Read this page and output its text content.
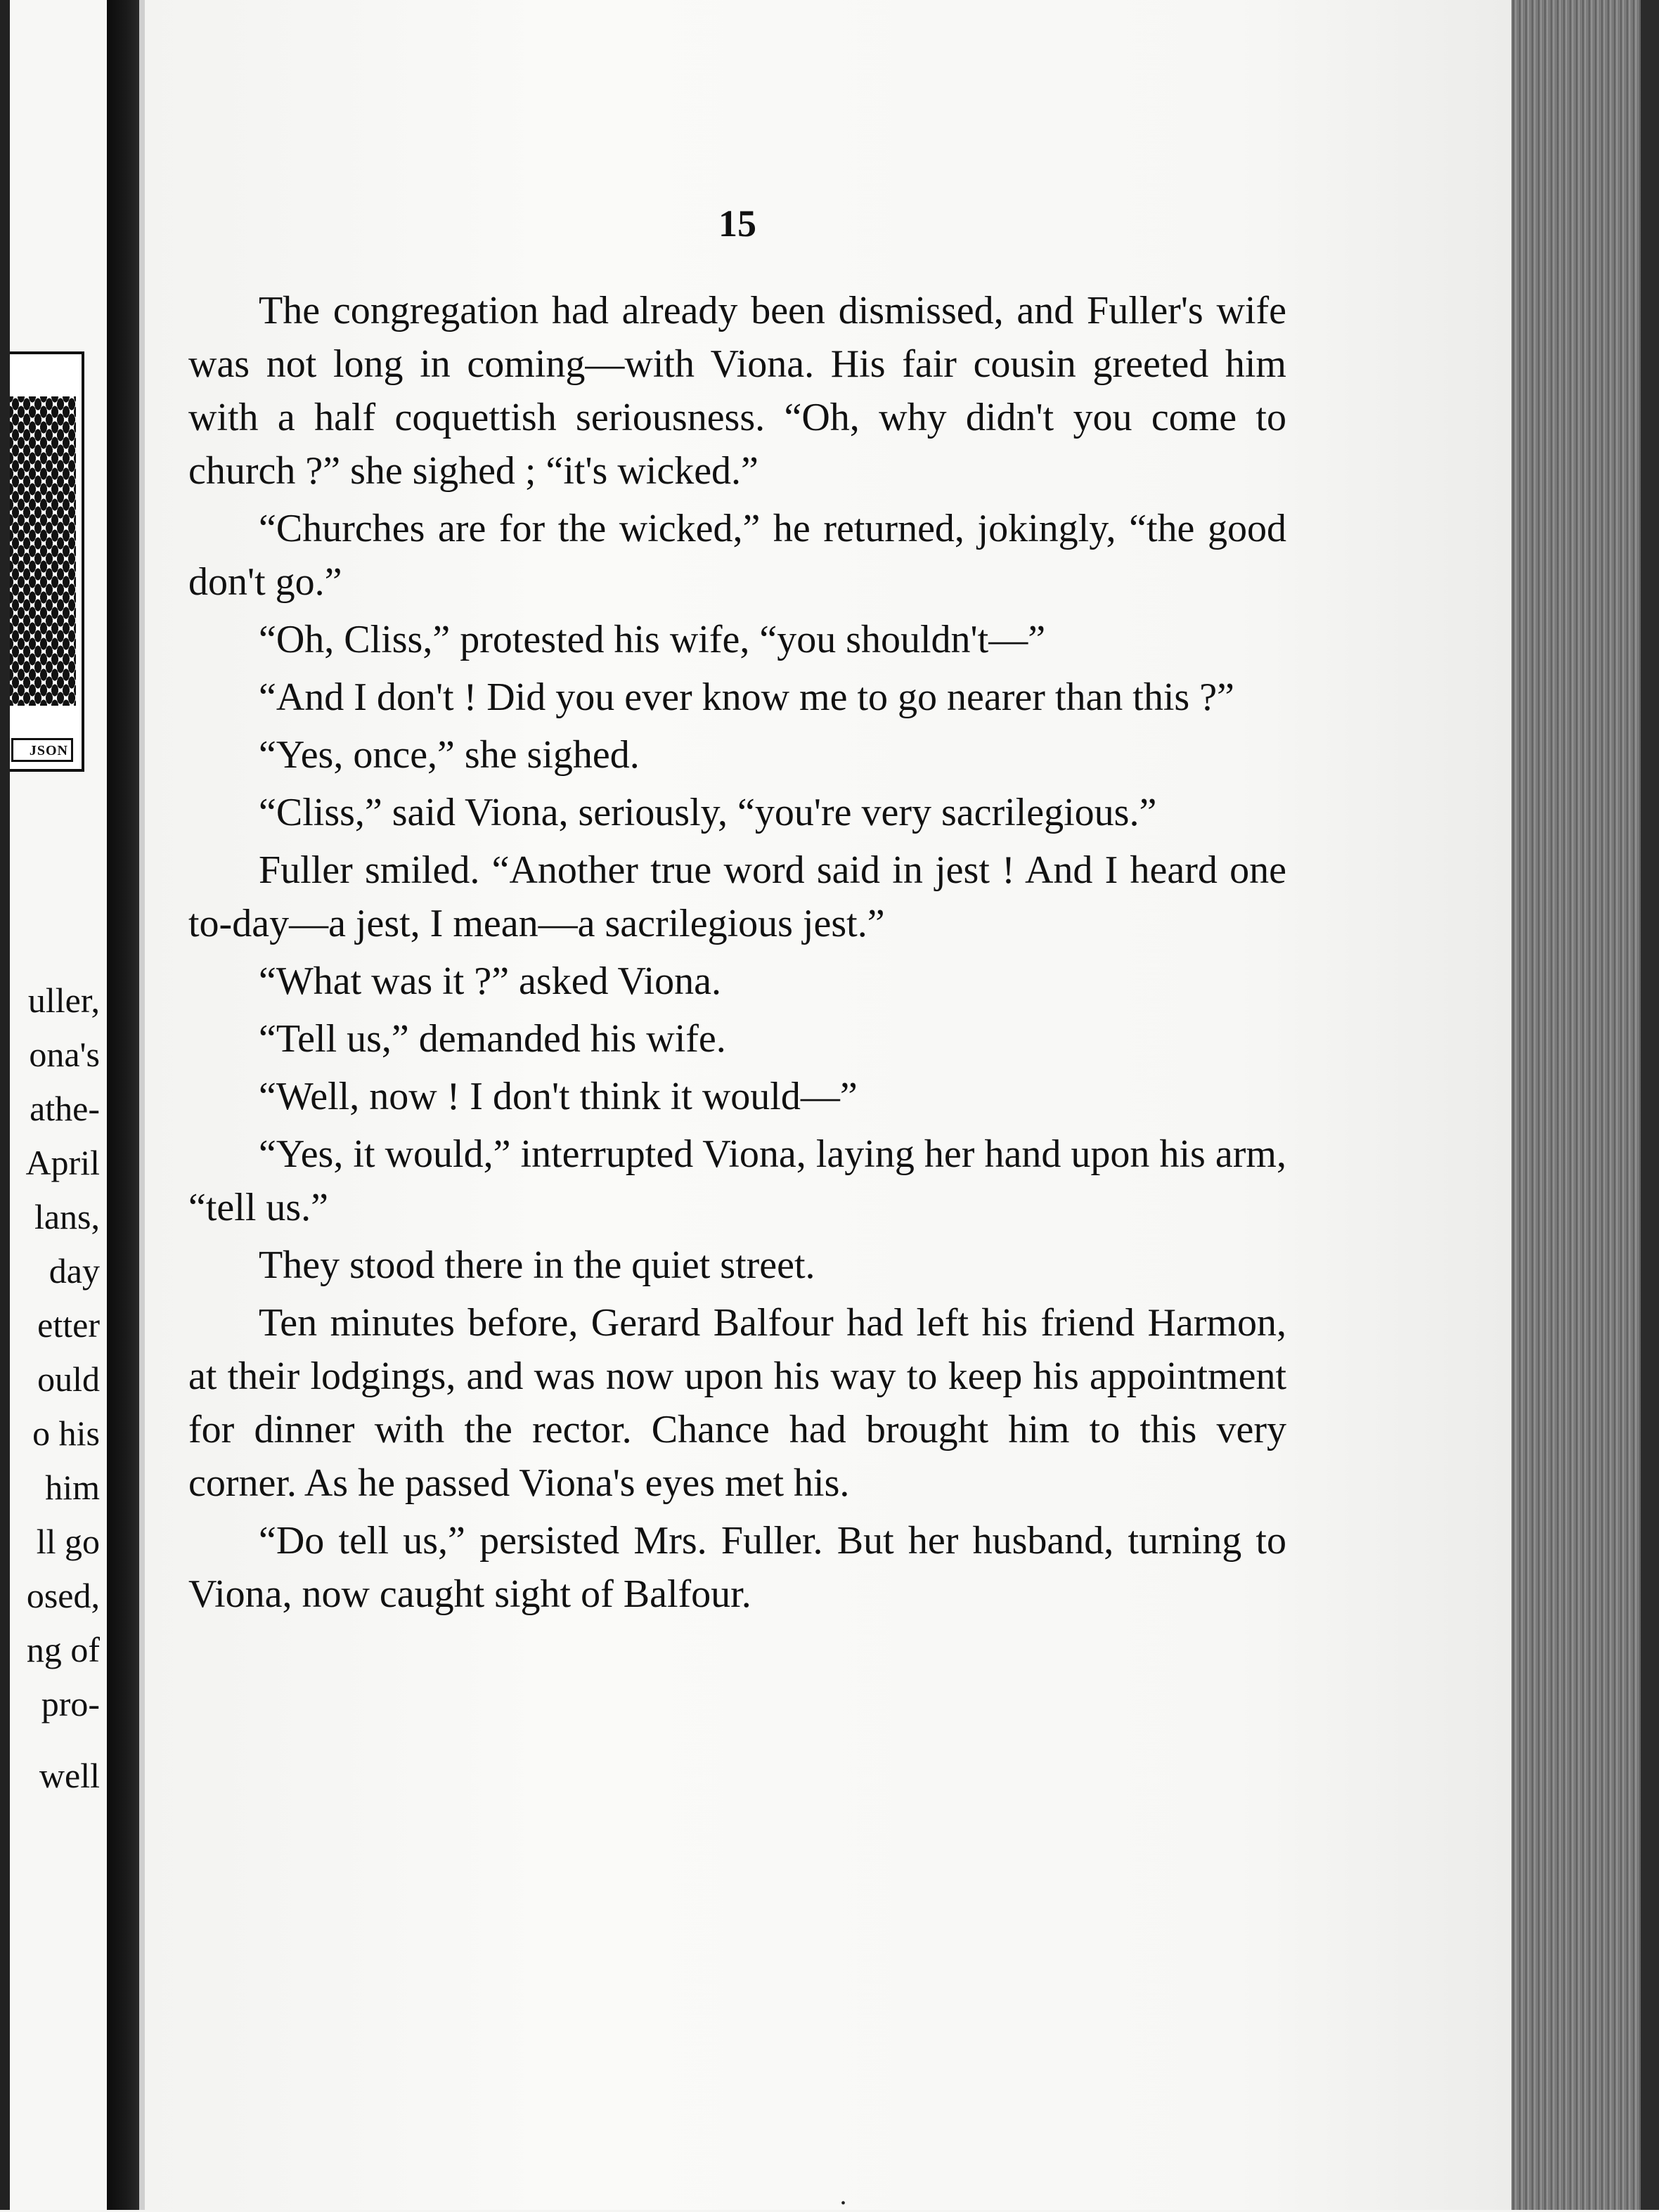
JSON
uller,
ona's
athe-
April
lans,
day
etter
ould
o his
him
ll go
osed,
ng of
pro-
well
15

The congregation had already been dismissed, and Fuller's wife was not long in coming—with Viona. His fair cousin greeted him with a half coquettish seriousness. “Oh, why didn't you come to church ?” she sighed ; “it's wicked.”

“Churches are for the wicked,” he returned, jokingly, “the good don't go.”

“Oh, Cliss,” protested his wife, “you shouldn't—”

“And I don't ! Did you ever know me to go nearer than this ?”

“Yes, once,” she sighed.

“Cliss,” said Viona, seriously, “you're very sacrilegious.”

Fuller smiled. “Another true word said in jest ! And I heard one to-day—a jest, I mean—a sacrilegious jest.”

“What was it ?” asked Viona.

“Tell us,” demanded his wife.

“Well, now ! I don't think it would—”

“Yes, it would,” interrupted Viona, laying her hand upon his arm, “tell us.”

They stood there in the quiet street.

Ten minutes before, Gerard Balfour had left his friend Harmon, at their lodgings, and was now upon his way to keep his appointment for dinner with the rector. Chance had brought him to this very corner. As he passed Viona's eyes met his.

“Do tell us,” persisted Mrs. Fuller. But her husband, turning to Viona, now caught sight of Balfour.

•
